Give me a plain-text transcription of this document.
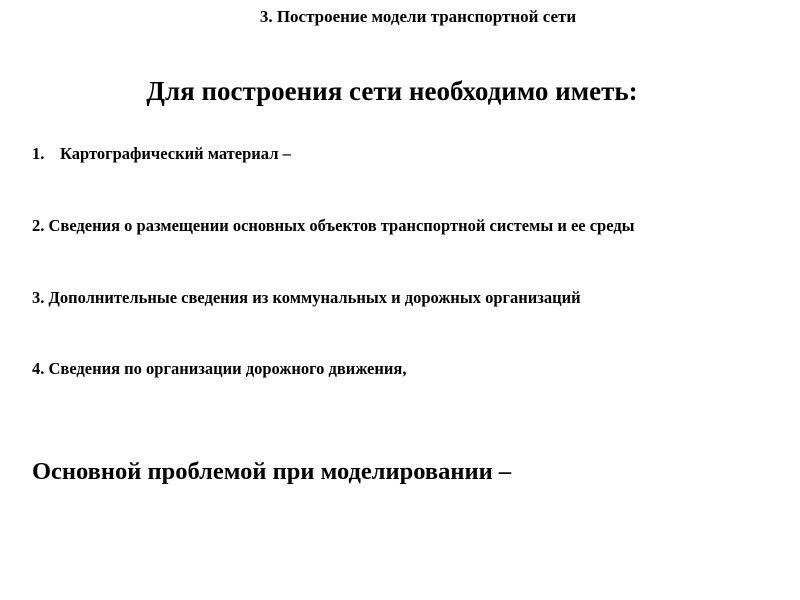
3. Построение модели транспортной сети
Для построения сети необходимо иметь:
1. Картографический материал –
2. Сведения о размещении основных объектов транспортной системы и ее среды
3. Дополнительные сведения из коммунальных и дорожных организаций
4. Сведения по организации дорожного движения,
Основной проблемой при моделировании –
